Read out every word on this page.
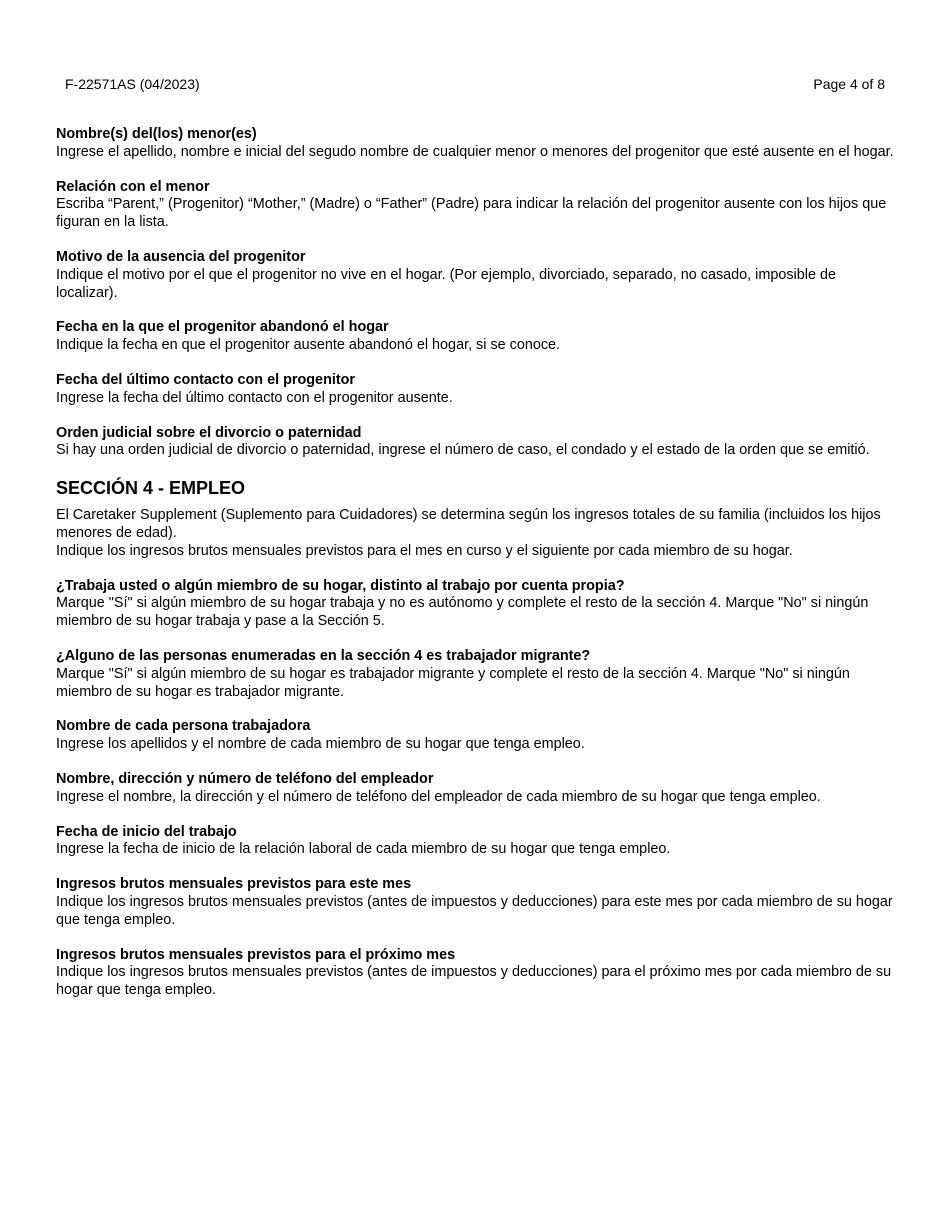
F-22571AS (04/2023)	Page 4 of 8
Nombre(s) del(los) menor(es)
Ingrese el apellido, nombre e inicial del segudo nombre de cualquier menor o menores del progenitor que esté ausente en el hogar.
Relación con el menor
Escriba “Parent,” (Progenitor) “Mother,” (Madre) o “Father” (Padre) para indicar la relación del progenitor ausente con los hijos que figuran en la lista.
Motivo de la ausencia del progenitor
Indique el motivo por el que el progenitor no vive en el hogar. (Por ejemplo, divorciado, separado, no casado, imposible de localizar).
Fecha en la que el progenitor abandonó el hogar
Indique la fecha en que el progenitor ausente abandonó el hogar, si se conoce.
Fecha del último contacto con el progenitor
Ingrese la fecha del último contacto con el progenitor ausente.
Orden judicial sobre el divorcio o paternidad
Si hay una orden judicial de divorcio o paternidad, ingrese el número de caso, el condado y el estado de la orden que se emitió.
SECCIÓN 4 - EMPLEO
El Caretaker Supplement (Suplemento para Cuidadores) se determina según los ingresos totales de su familia (incluidos los hijos menores de edad).
Indique los ingresos brutos mensuales previstos para el mes en curso y el siguiente por cada miembro de su hogar.
¿Trabaja usted o algún miembro de su hogar, distinto al trabajo por cuenta propia?
Marque "Sí" si algún miembro de su hogar trabaja y no es autónomo y complete el resto de la sección 4. Marque "No" si ningún miembro de su hogar trabaja y pase a la Sección 5.
¿Alguno de las personas enumeradas en la sección 4 es trabajador migrante?
Marque "Sí" si algún miembro de su hogar es trabajador migrante y complete el resto de la sección 4. Marque "No" si ningún miembro de su hogar es trabajador migrante.
Nombre de cada persona trabajadora
Ingrese los apellidos y el nombre de cada miembro de su hogar que tenga empleo.
Nombre, dirección y número de teléfono del empleador
Ingrese el nombre, la dirección y el número de teléfono del empleador de cada miembro de su hogar que tenga empleo.
Fecha de inicio del trabajo
Ingrese la fecha de inicio de la relación laboral de cada miembro de su hogar que tenga empleo.
Ingresos brutos mensuales previstos para este mes
Indique los ingresos brutos mensuales previstos (antes de impuestos y deducciones) para este mes por cada miembro de su hogar que tenga empleo.
Ingresos brutos mensuales previstos para el próximo mes
Indique los ingresos brutos mensuales previstos (antes de impuestos y deducciones) para el próximo mes por cada miembro de su hogar que tenga empleo.
